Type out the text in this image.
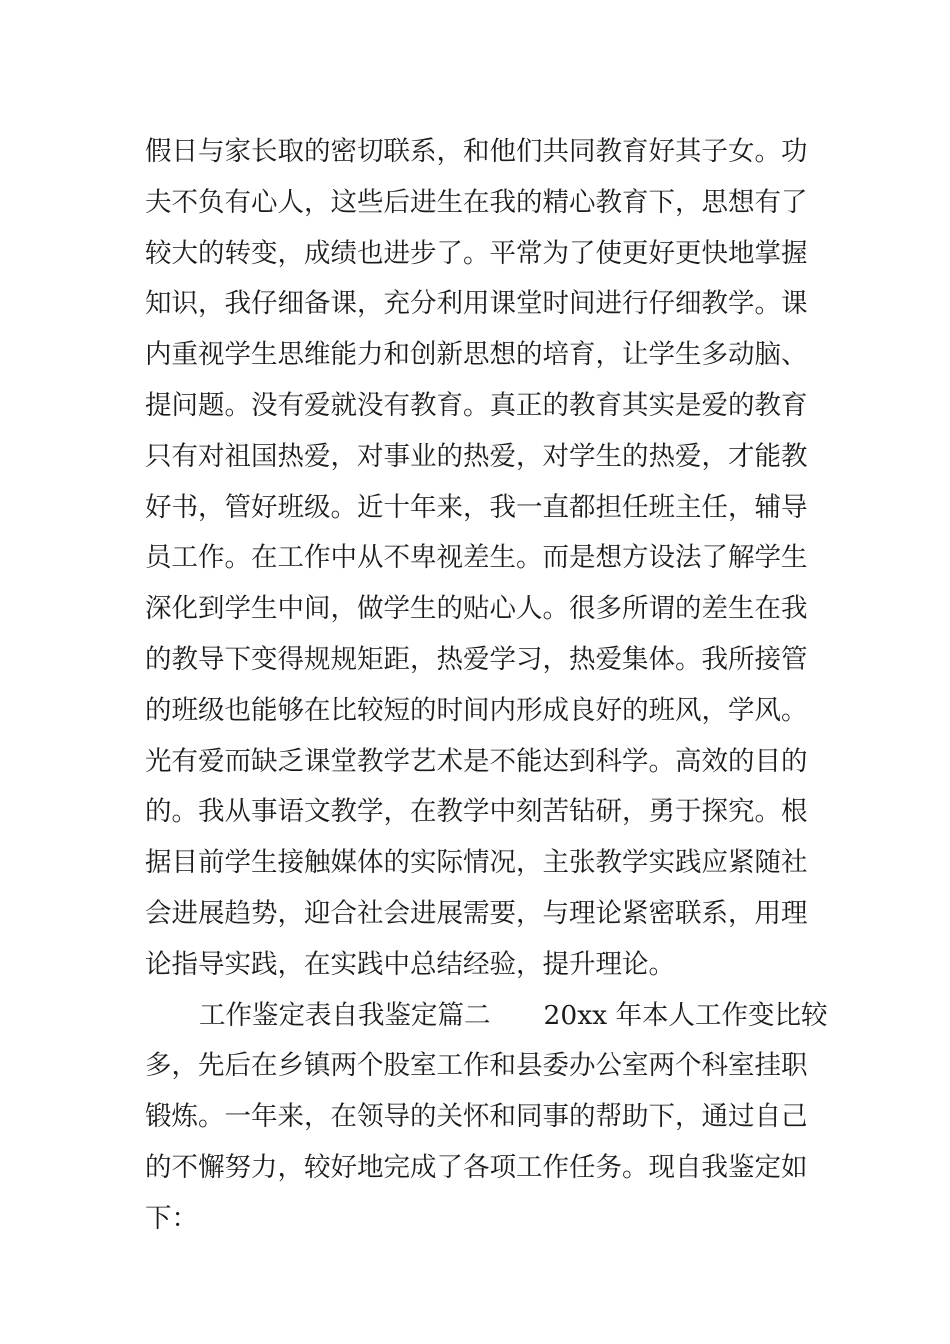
假日与家长取的密切联系，和他们共同教育好其子女。功
夫不负有心人，这些后进生在我的精心教育下，思想有了
较大的转变，成绩也进步了。平常为了使更好更快地掌握
知识，我仔细备课，充分利用课堂时间进行仔细教学。课
内重视学生思维能力和创新思想的培育，让学生多动脑、
提问题。没有爱就没有教育。真正的教育其实是爱的教育
只有对祖国热爱，对事业的热爱，对学生的热爱，才能教
好书，管好班级。近十年来，我一直都担任班主任，辅导
员工作。在工作中从不卑视差生。而是想方设法了解学生
深化到学生中间，做学生的贴心人。很多所谓的差生在我
的教导下变得规规矩距，热爱学习，热爱集体。我所接管
的班级也能够在比较短的时间内形成良好的班风，学风。
光有爱而缺乏课堂教学艺术是不能达到科学。高效的目的
的。我从事语文教学，在教学中刻苦钻研，勇于探究。根
据目前学生接触媒体的实际情况，主张教学实践应紧随社
会进展趋势，迎合社会进展需要，与理论紧密联系，用理
论指导实践，在实践中总结经验，提升理论。
工作鉴定表自我鉴定篇二　　20xx 年本人工作变比较
多，先后在乡镇两个股室工作和县委办公室两个科室挂职
锻炼。一年来，在领导的关怀和同事的帮助下，通过自己
的不懈努力，较好地完成了各项工作任务。现自我鉴定如
下：
